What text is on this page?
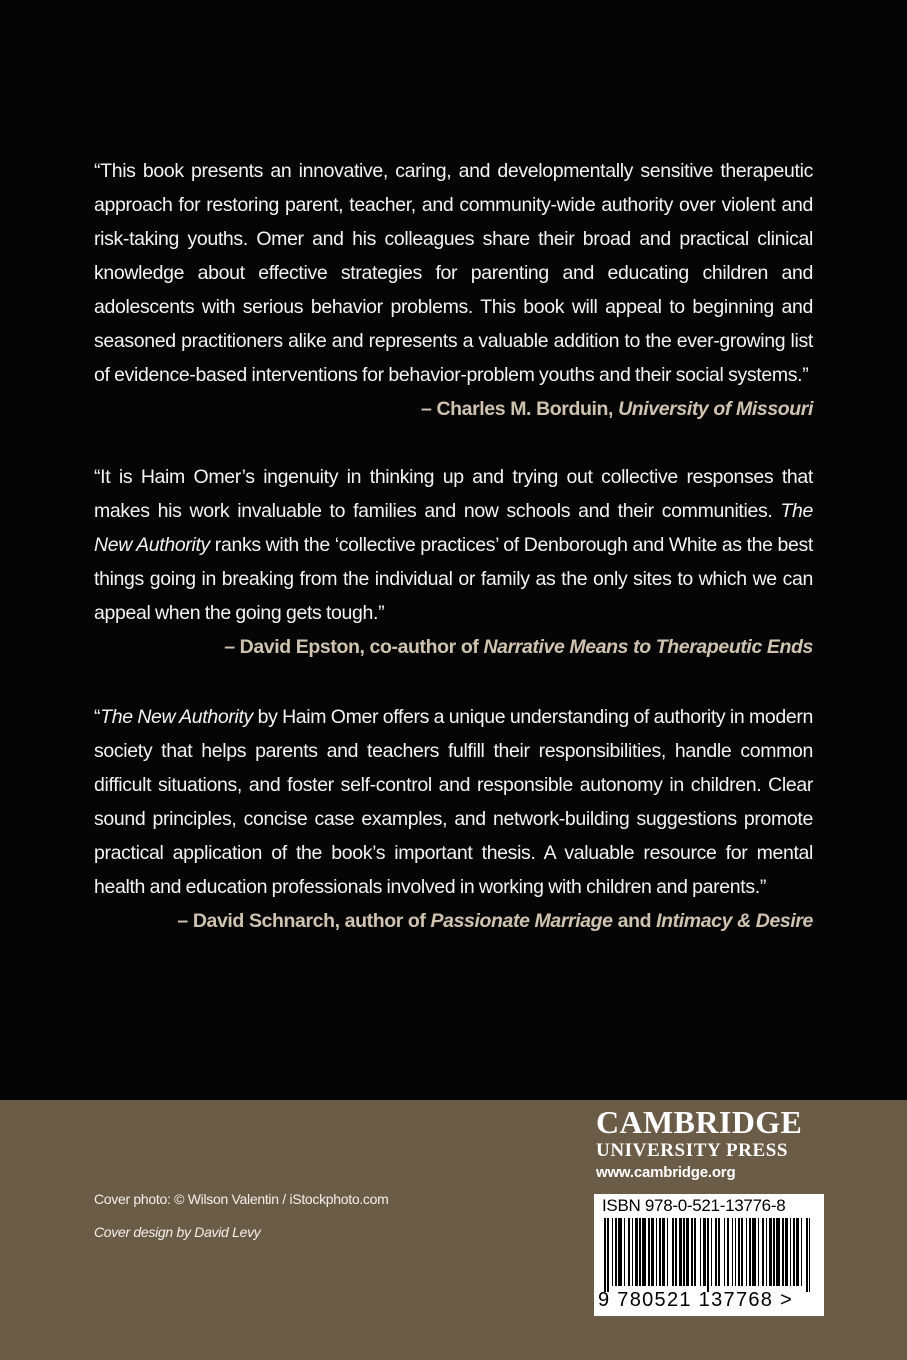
“This book presents an innovative, caring, and developmentally sensitive therapeutic approach for restoring parent, teacher, and community-wide authority over violent and risk-taking youths. Omer and his colleagues share their broad and practical clinical knowledge about effective strategies for parenting and educating children and adolescents with serious behavior problems. This book will appeal to beginning and seasoned practitioners alike and represents a valuable addition to the ever-growing list of evidence-based interventions for behavior-problem youths and their social systems.”

– Charles M. Borduin, University of Missouri

“It is Haim Omer’s ingenuity in thinking up and trying out collective responses that makes his work invaluable to families and now schools and their communities. The New Authority ranks with the ‘collective practices’ of Denborough and White as the best things going in breaking from the individual or family as the only sites to which we can appeal when the going gets tough.”

– David Epston, co-author of Narrative Means to Therapeutic Ends

“The New Authority by Haim Omer offers a unique understanding of authority in modern society that helps parents and teachers fulfill their responsibilities, handle common difficult situations, and foster self-control and responsible autonomy in children. Clear sound principles, concise case examples, and network-building suggestions promote practical application of the book’s important thesis. A valuable resource for mental health and education professionals involved in working with children and parents.”

– David Schnarch, author of Passionate Marriage and Intimacy & Desire

Cover photo: © Wilson Valentin / iStockphoto.com
Cover design by David Levy
CAMBRIDGE
UNIVERSITY PRESS
www.cambridge.org
ISBN 978-0-521-13776-8
9 780521 137768 >
